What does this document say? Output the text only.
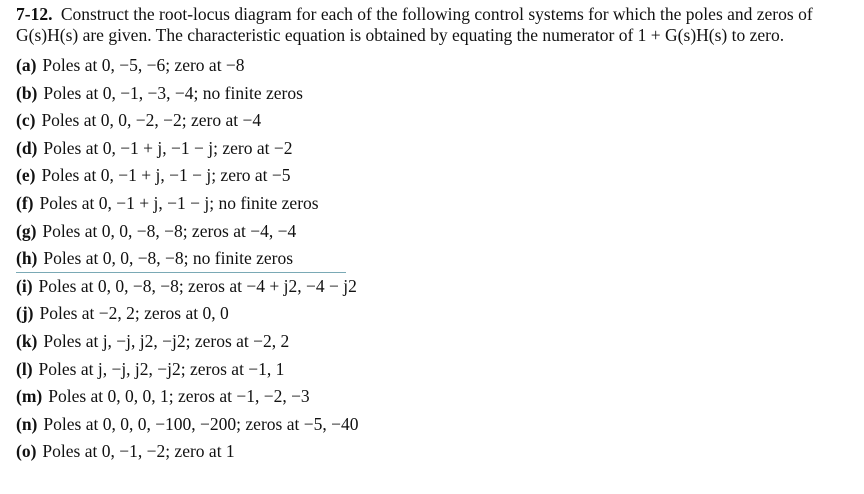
7-12. Construct the root-locus diagram for each of the following control systems for which the poles and zeros of G(s)H(s) are given. The characteristic equation is obtained by equating the numerator of 1 + G(s)H(s) to zero.

(a) Poles at 0, −5, −6; zero at −8
(b) Poles at 0, −1, −3, −4; no finite zeros
(c) Poles at 0, 0, −2, −2; zero at −4
(d) Poles at 0, −1 + j, −1 − j; zero at −2
(e) Poles at 0, −1 + j, −1 − j; zero at −5
(f) Poles at 0, −1 + j, −1 − j; no finite zeros
(g) Poles at 0, 0, −8, −8; zeros at −4, −4
(h) Poles at 0, 0, −8, −8; no finite zeros
(i) Poles at 0, 0, −8, −8; zeros at −4 + j2, −4 − j2
(j) Poles at −2, 2; zeros at 0, 0
(k) Poles at j, −j, j2, −j2; zeros at −2, 2
(l) Poles at j, −j, j2, −j2; zeros at −1, 1
(m) Poles at 0, 0, 0, 1; zeros at −1, −2, −3
(n) Poles at 0, 0, 0, −100, −200; zeros at −5, −40
(o) Poles at 0, −1, −2; zero at 1
